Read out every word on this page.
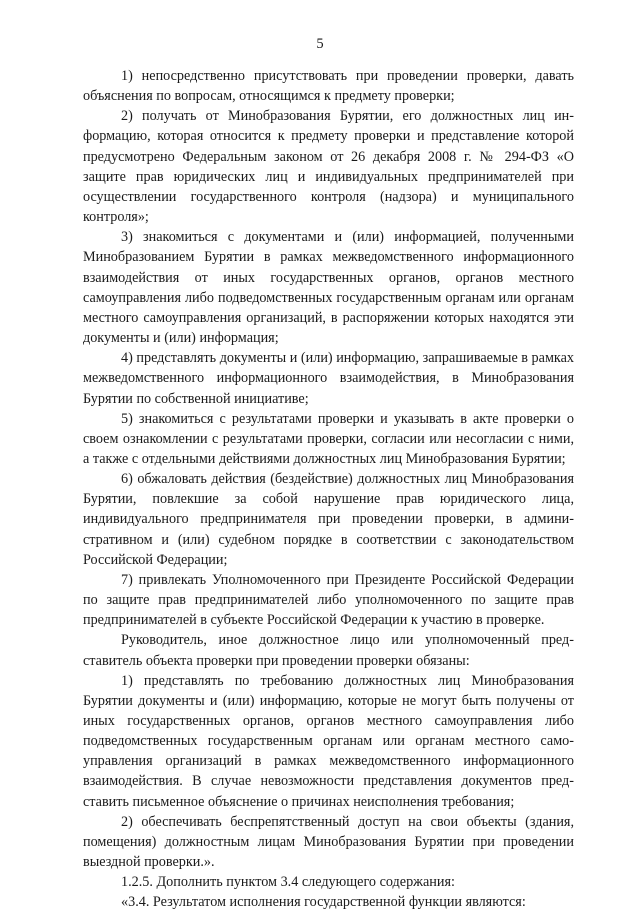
5

1) непосредственно присутствовать при проведении проверки, давать объяснения по вопросам, относящимся к предмету проверки;

2) получать от Минобразования Бурятии, его должностных лиц информацию, которая относится к предмету проверки и представление которой предусмотрено Федеральным законом от 26 декабря 2008 г. № 294-ФЗ «О защите прав юридических лиц и индивидуальных предпринимателей при осуществлении государственного контроля (надзора) и муниципального контроля»;

3) знакомиться с документами и (или) информацией, полученными Минобразованием Бурятии в рамках межведомственного информационного взаимодействия от иных государственных органов, органов местного самоуправления либо подведомственных государственным органам или органам местного самоуправления организаций, в распоряжении которых находятся эти документы и (или) информация;

4) представлять документы и (или) информацию, запрашиваемые в рамках межведомственного информационного взаимодействия, в Минобразования Бурятии по собственной инициативе;

5) знакомиться с результатами проверки и указывать в акте проверки о своем ознакомлении с результатами проверки, согласии или несогласии с ними, а также с отдельными действиями должностных лиц Минобразования Бурятии;

6) обжаловать действия (бездействие) должностных лиц Минобразования Бурятии, повлекшие за собой нарушение прав юридического лица, индивидуального предпринимателя при проведении проверки, в административном и (или) судебном порядке в соответствии с законодательством Российской Федерации;

7) привлекать Уполномоченного при Президенте Российской Федерации по защите прав предпринимателей либо уполномоченного по защите прав предпринимателей в субъекте Российской Федерации к участию в проверке.

Руководитель, иное должностное лицо или уполномоченный представитель объекта проверки при проведении проверки обязаны:

1) представлять по требованию должностных лиц Минобразования Бурятии документы и (или) информацию, которые не могут быть получены от иных государственных органов, органов местного самоуправления либо подведомственных государственным органам или органам местного самоуправления организаций в рамках межведомственного информационного взаимодействия. В случае невозможности представления документов представить письменное объяснение о причинах неисполнения требования;

2) обеспечивать беспрепятственный доступ на свои объекты (здания, помещения) должностным лицам Минобразования Бурятии при проведении выездной проверки.».

1.2.5. Дополнить пунктом 3.4 следующего содержания:

«3.4. Результатом исполнения государственной функции являются:
